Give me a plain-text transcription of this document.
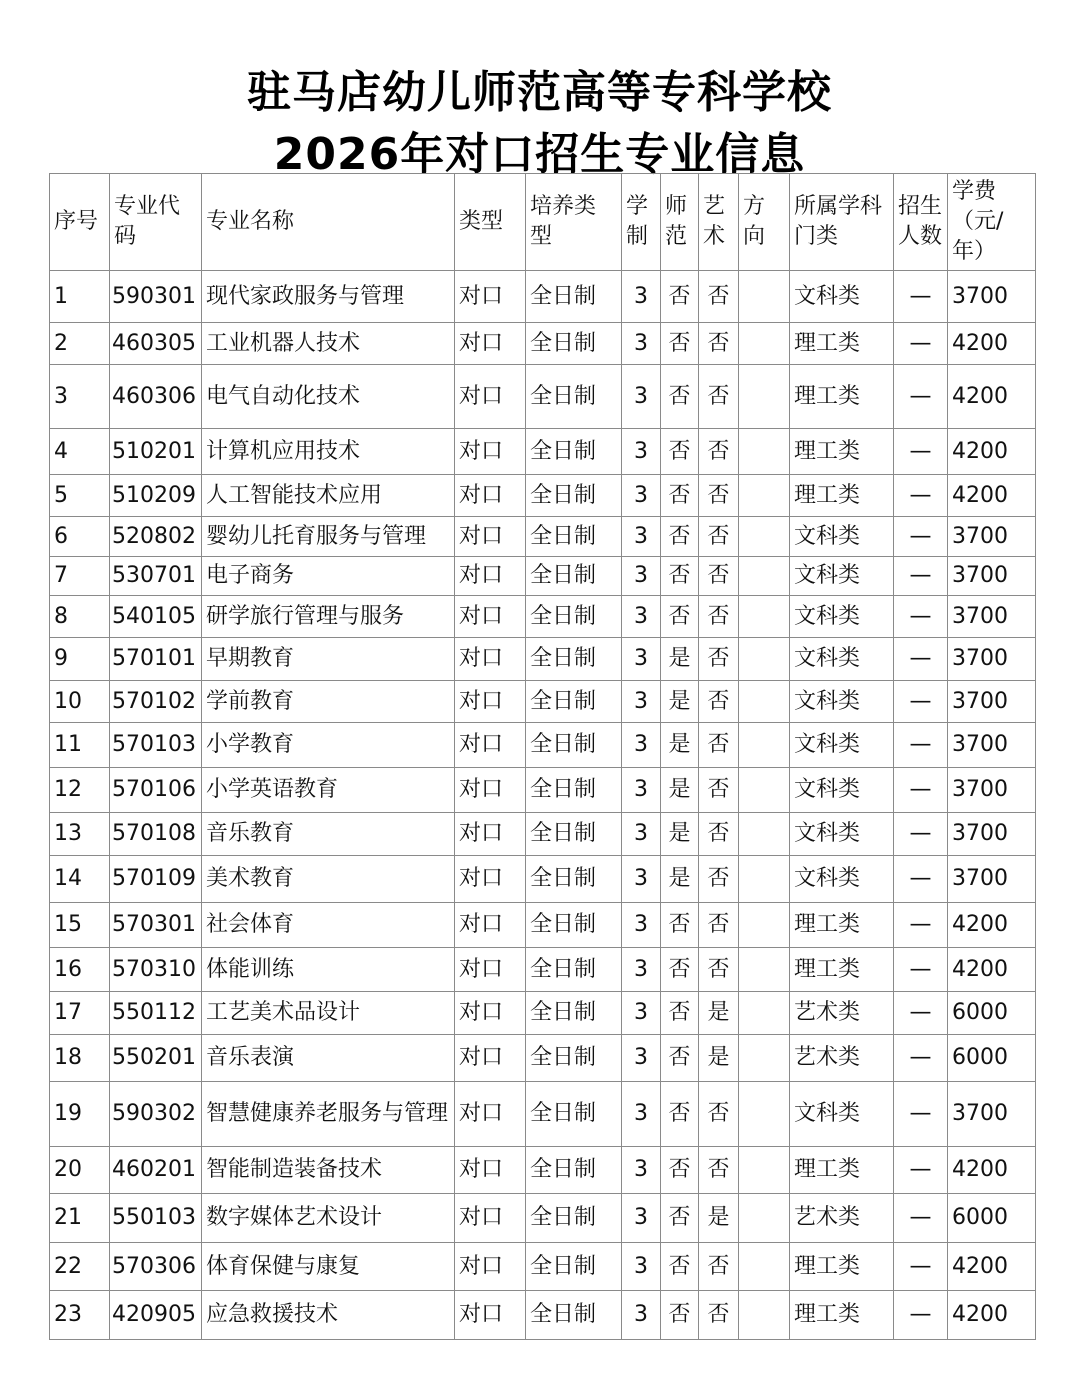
驻马店幼儿师范高等专科学校
2026年对口招生专业信息
序号	专业代码	专业名称	类型	培养类型	学制	师范	艺术	方向	所属学科门类	招生人数	学费（元/年）
1	590301	现代家政服务与管理	对口	全日制	3	否	否		文科类	—	3700
2	460305	工业机器人技术	对口	全日制	3	否	否		理工类	—	4200
3	460306	电气自动化技术	对口	全日制	3	否	否		理工类	—	4200
4	510201	计算机应用技术	对口	全日制	3	否	否		理工类	—	4200
5	510209	人工智能技术应用	对口	全日制	3	否	否		理工类	—	4200
6	520802	婴幼儿托育服务与管理	对口	全日制	3	否	否		文科类	—	3700
7	530701	电子商务	对口	全日制	3	否	否		文科类	—	3700
8	540105	研学旅行管理与服务	对口	全日制	3	否	否		文科类	—	3700
9	570101	早期教育	对口	全日制	3	是	否		文科类	—	3700
10	570102	学前教育	对口	全日制	3	是	否		文科类	—	3700
11	570103	小学教育	对口	全日制	3	是	否		文科类	—	3700
12	570106	小学英语教育	对口	全日制	3	是	否		文科类	—	3700
13	570108	音乐教育	对口	全日制	3	是	否		文科类	—	3700
14	570109	美术教育	对口	全日制	3	是	否		文科类	—	3700
15	570301	社会体育	对口	全日制	3	否	否		理工类	—	4200
16	570310	体能训练	对口	全日制	3	否	否		理工类	—	4200
17	550112	工艺美术品设计	对口	全日制	3	否	是		艺术类	—	6000
18	550201	音乐表演	对口	全日制	3	否	是		艺术类	—	6000
19	590302	智慧健康养老服务与管理	对口	全日制	3	否	否		文科类	—	3700
20	460201	智能制造装备技术	对口	全日制	3	否	否		理工类	—	4200
21	550103	数字媒体艺术设计	对口	全日制	3	否	是		艺术类	—	6000
22	570306	体育保健与康复	对口	全日制	3	否	否		理工类	—	4200
23	420905	应急救援技术	对口	全日制	3	否	否		理工类	—	4200
